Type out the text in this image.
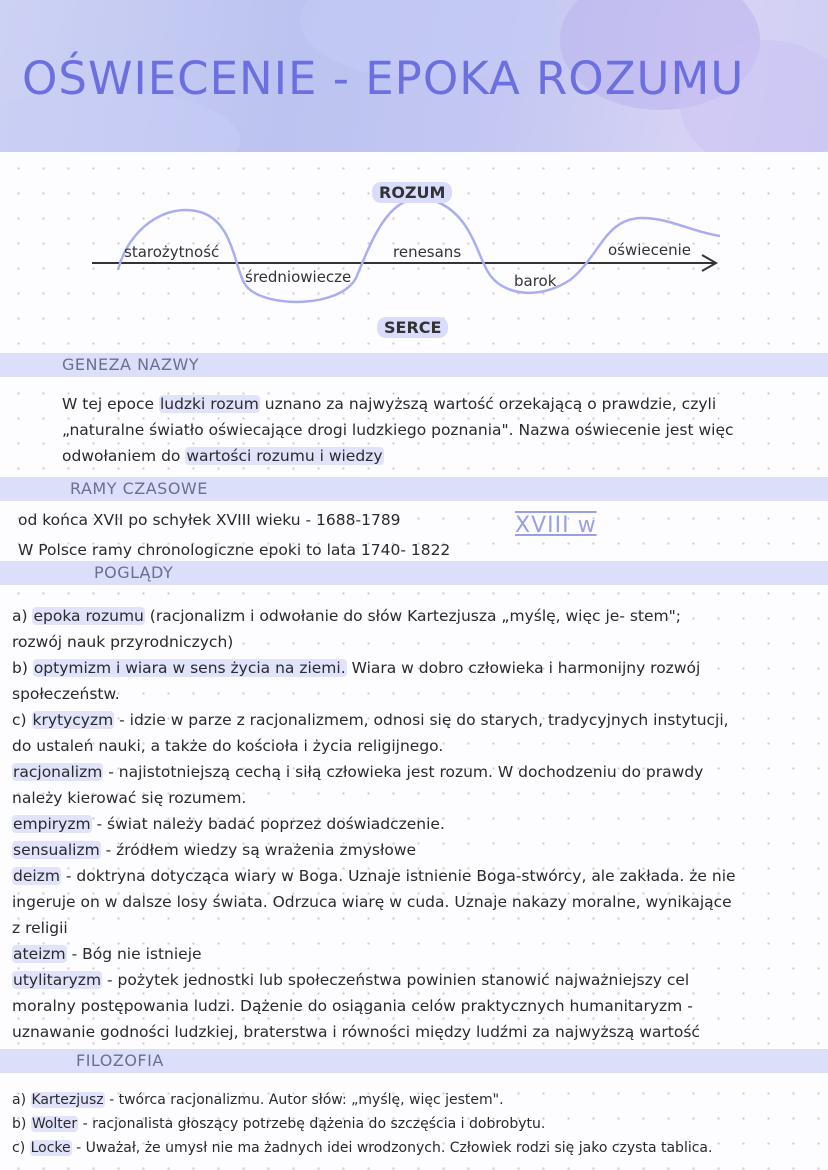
OŚWIECENIE - EPOKA ROZUMU
ROZUM
SERCE
starożytność
średniowiecze
renesans
barok
oświecenie
GENEZA NAZWY

W tej epoce ludzki rozum uznano za najwyższą wartość orzekającą o prawdzie, czyli

„naturalne światło oświecające drogi ludzkiego poznania". Nazwa oświecenie jest więc

odwołaniem do wartości rozumu i wiedzy

RAMY CZASOWE

od końca XVII po schyłek XVIII wieku - 1688-1789

W Polsce ramy chronologiczne epoki to lata 1740- 1822

XVIII w
POGLĄDY

a) epoka rozumu (racjonalizm i odwołanie do słów Kartezjusza „myślę, więc je- stem";

rozwój nauk przyrodniczych)

b) optymizm i wiara w sens życia na ziemi. Wiara w dobro człowieka i harmonijny rozwój

społeczeństw.

c) krytycyzm - idzie w parze z racjonalizmem, odnosi się do starych, tradycyjnych instytucji,

do ustaleń nauki, a także do kościoła i życia religijnego.

racjonalizm - najistotniejszą cechą i siłą człowieka jest rozum. W dochodzeniu do prawdy

należy kierować się rozumem.

empiryzm - świat należy badać poprzez doświadczenie.

sensualizm - źródłem wiedzy są wrażenia zmysłowe

deizm - doktryna dotycząca wiary w Boga. Uznaje istnienie Boga-stwórcy, ale zakłada. że nie

ingeruje on w dalsze losy świata. Odrzuca wiarę w cuda. Uznaje nakazy moralne, wynikające

z religii

ateizm - Bóg nie istnieje

utylitaryzm - pożytek jednostki lub społeczeństwa powinien stanowić najważniejszy cel

moralny postępowania ludzi. Dążenie do osiągania celów praktycznych humanitaryzm -

uznawanie godności ludzkiej, braterstwa i równości między ludźmi za najwyższą wartość

FILOZOFIA

a) Kartezjusz - twórca racjonalizmu. Autor słów: „myślę, więc jestem".

b) Wolter - racjonalista głoszący potrzebę dążenia do szczęścia i dobrobytu.

c) Locke - Uważał, że umysł nie ma żadnych idei wrodzonych. Człowiek rodzi się jako czysta tablica.
